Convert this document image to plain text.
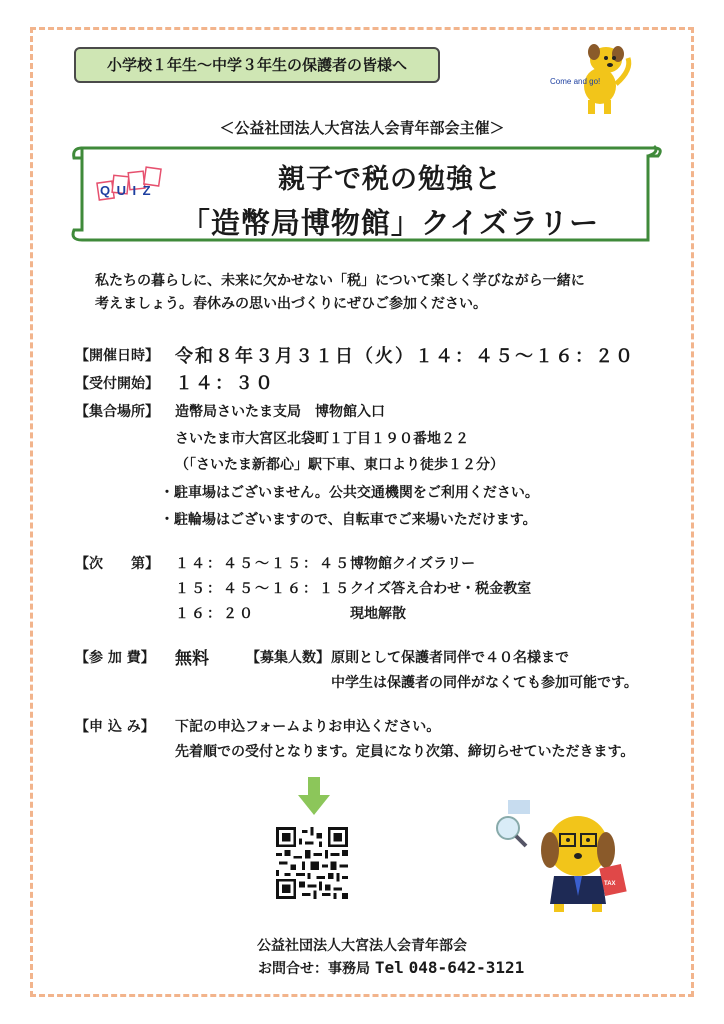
小学校１年生～中学３年生の保護者の皆様へ
Come and go!
＜公益社団法人大宮法人会青年部会主催＞
QUIZ	親子で税の勉強と
「造幣局博物館」クイズラリー
私たちの暮らしに、未来に欠かせない「税」について楽しく学びながら一緒に
考えましょう。春休みの思い出づくりにぜひご参加ください。
【開催日時】 令和８年３月３１日（火）１４：４５～１６：２０
【受付開始】 １４：３０
【集合場所】 造幣局さいたま支局　博物館入口
さいたま市大宮区北袋町１丁目１９０番地２２
（「さいたま新都心」駅下車、東口より徒歩１２分）
・駐車場はございません。公共交通機関をご利用ください。
・駐輪場はございますので、自転車でご来場いただけます。
【次　　第】 １４：４５～１５：４５ 博物館クイズラリー
１５：４５～１６：１５ クイズ答え合わせ・税金教室
１６：２０	現地解散
【参 加 費】 無料	【募集人数】 原則として保護者同伴で４０名様まで
中学生は保護者の同伴がなくても参加可能です。
【申 込 み】 下記の申込フォームよりお申込ください。
先着順での受付となります。定員になり次第、締切らせていただきます。
TAX
公益社団法人大宮法人会青年部会
お問合せ：事務局 Tel 048-642-3121
